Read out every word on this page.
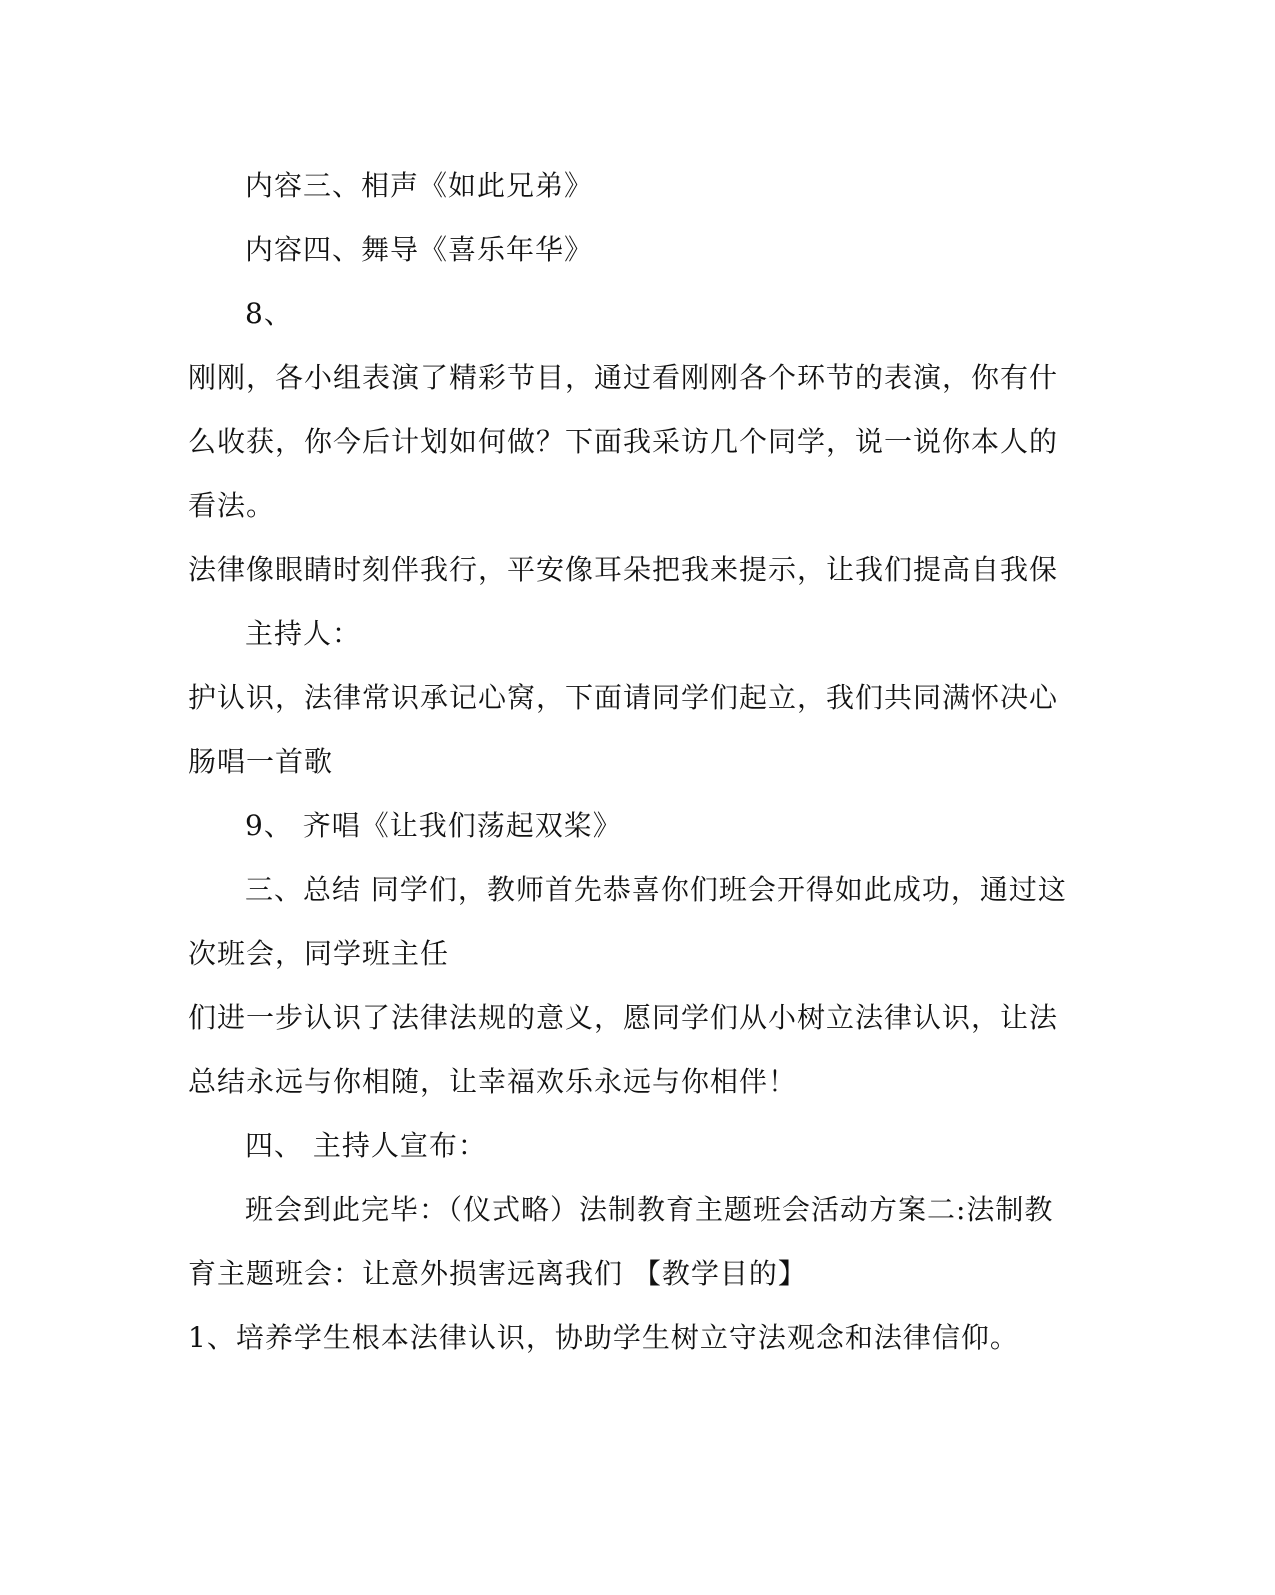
内容三、相声《如此兄弟》
内容四、舞导《喜乐年华》
8、
刚刚，各小组表演了精彩节目，通过看刚刚各个环节的表演，你有什
么收获，你今后计划如何做？下面我采访几个同学，说一说你本人的
看法。
法律像眼睛时刻伴我行，平安像耳朵把我来提示，让我们提高自我保
主持人：
护认识，法律常识承记心窝，下面请同学们起立，我们共同满怀决心
肠唱一首歌
9、 齐唱《让我们荡起双桨》
三、总结 同学们，教师首先恭喜你们班会开得如此成功，通过这
次班会，同学班主任
们进一步认识了法律法规的意义，愿同学们从小树立法律认识，让法
总结永远与你相随，让幸福欢乐永远与你相伴！
四、 主持人宣布：
班会到此完毕：（仪式略）法制教育主题班会活动方案二:法制教
育主题班会：让意外损害远离我们 【教学目的】
1、培养学生根本法律认识，协助学生树立守法观念和法律信仰。
